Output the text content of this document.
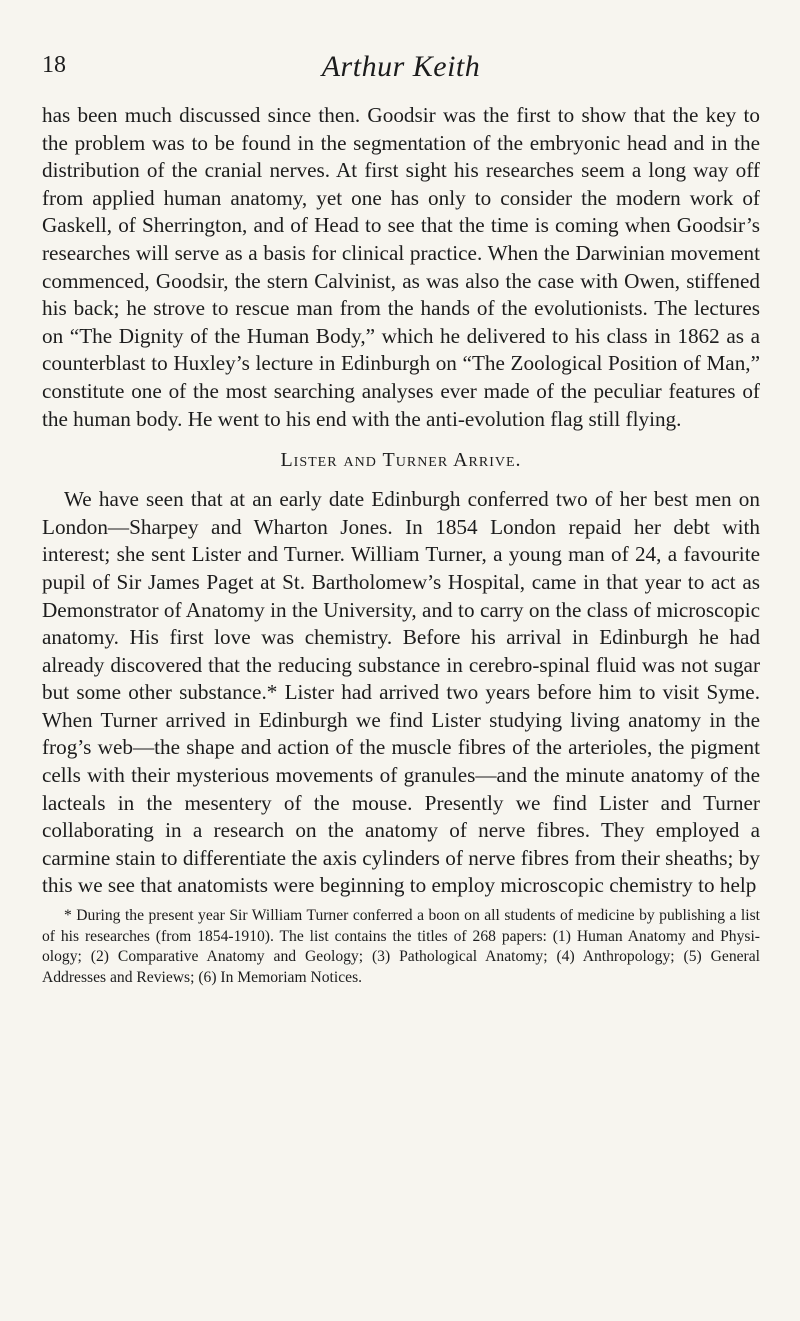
18	Arthur Keith

has been much discussed since then. Goodsir was the first to show that the key to the problem was to be found in the segmentation of the embryonic head and in the distribution of the cranial nerves. At first sight his researches seem a long way off from applied human anatomy, yet one has only to consider the modern work of Gaskell, of Sherrington, and of Head to see that the time is coming when Goodsir’s researches will serve as a basis for clinical practice. When the Darwinian movement commenced, Goodsir, the stern Calvinist, as was also the case with Owen, stiffened his back; he strove to rescue man from the hands of the evolutionists. The lectures on “The Dignity of the Human Body,” which he delivered to his class in 1862 as a counterblast to Huxley’s lecture in Edinburgh on “The Zoological Position of Man,” constitute one of the most searching analyses ever made of the peculiar features of the human body. He went to his end with the anti-evolution flag still flying.

Lister and Turner Arrive.

We have seen that at an early date Edinburgh conferred two of her best men on London—Sharpey and Wharton Jones. In 1854 London repaid her debt with interest; she sent Lister and Turner. William Turner, a young man of 24, a favourite pupil of Sir James Paget at St. Bartholomew’s Hospital, came in that year to act as Demonstrator of Anatomy in the University, and to carry on the class of microscopic anatomy. His first love was chemistry. Before his arrival in Edinburgh he had already discovered that the reducing substance in cerebro-spinal fluid was not sugar but some other substance.* Lister had arrived two years before him to visit Syme. When Turner arrived in Edinburgh we find Lister studying living anatomy in the frog’s web—the shape and action of the muscle fibres of the arterioles, the pigment cells with their mysterious movements of granules—and the minute anatomy of the lacteals in the mesentery of the mouse. Presently we find Lister and Turner collaborating in a research on the anatomy of nerve fibres. They employed a carmine stain to differentiate the axis cylinders of nerve fibres from their sheaths; by this we see that anatomists were beginning to employ microscopic chemistry to help

* During the present year Sir William Turner conferred a boon on all students of medicine by publishing a list of his researches (from 1854-1910). The list contains the titles of 268 papers: (1) Human Anatomy and Physiology; (2) Comparative Anatomy and Geology; (3) Pathological Anatomy; (4) Anthropology; (5) General Addresses and Reviews; (6) In Memoriam Notices.
